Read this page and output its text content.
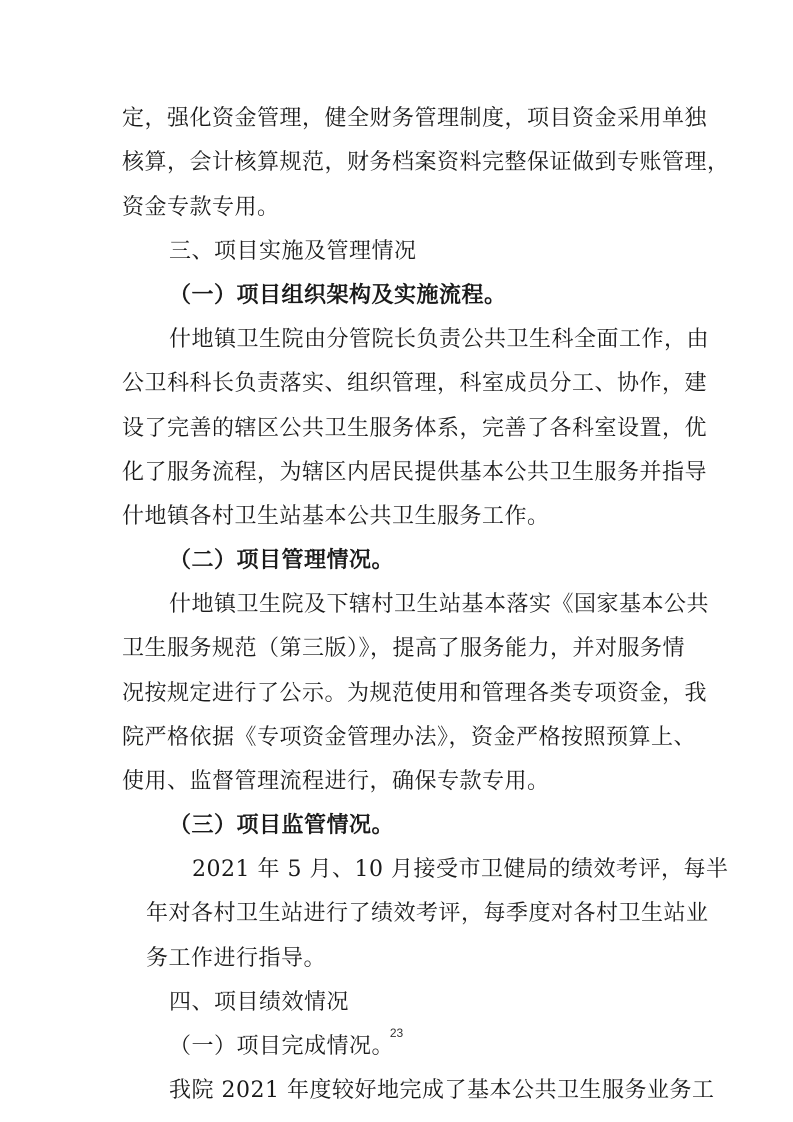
定，强化资金管理，健全财务管理制度，项目资金采用单独
核算，会计核算规范，财务档案资料完整保证做到专账管理，
资金专款专用。
三、项目实施及管理情况
（一）项目组织架构及实施流程。
什地镇卫生院由分管院长负责公共卫生科全面工作，由
公卫科科长负责落实、组织管理，科室成员分工、协作，建
设了完善的辖区公共卫生服务体系，完善了各科室设置，优
化了服务流程，为辖区内居民提供基本公共卫生服务并指导
什地镇各村卫生站基本公共卫生服务工作。
（二）项目管理情况。
什地镇卫生院及下辖村卫生站基本落实《国家基本公共
卫生服务规范（第三版）》，提高了服务能力，并对服务情
况按规定进行了公示。为规范使用和管理各类专项资金，我
院严格依据《专项资金管理办法》，资金严格按照预算上、
使用、监督管理流程进行，确保专款专用。
（三）项目监管情况。
2021 年 5 月、10 月接受市卫健局的绩效考评，每半
年对各村卫生站进行了绩效考评，每季度对各村卫生站业
务工作进行指导。
四、项目绩效情况
（一）项目完成情况。
我院 2021 年度较好地完成了基本公共卫生服务业务工
23
